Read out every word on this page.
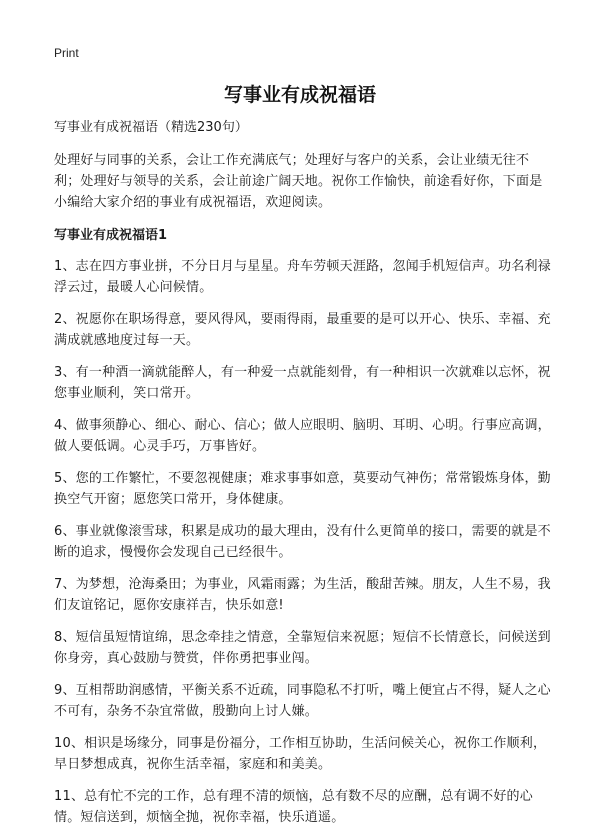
Print
写事业有成祝福语

写事业有成祝福语（精选230句）

处理好与同事的关系，会让工作充满底气；处理好与客户的关系，会让业绩无往不利；处理好与领导的关系，会让前途广阔天地。祝你工作愉快，前途看好你，下面是小编给大家介绍的事业有成祝福语，欢迎阅读。

写事业有成祝福语1

1、志在四方事业拼，不分日月与星星。舟车劳顿天涯路，忽闻手机短信声。功名利禄浮云过，最暖人心问候情。

2、祝愿你在职场得意，要风得风，要雨得雨，最重要的是可以开心、快乐、幸福、充满成就感地度过每一天。

3、有一种酒一滴就能醉人，有一种爱一点就能刻骨，有一种相识一次就难以忘怀，祝您事业顺利，笑口常开。

4、做事须静心、细心、耐心、信心；做人应眼明、脑明、耳明、心明。行事应高调，做人要低调。心灵手巧，万事皆好。

5、您的工作繁忙，不要忽视健康；难求事事如意，莫要动气神伤；常常锻炼身体，勤换空气开窗；愿您笑口常开，身体健康。

6、事业就像滚雪球，积累是成功的最大理由，没有什么更简单的接口，需要的就是不断的追求，慢慢你会发现自己已经很牛。

7、为梦想，沧海桑田；为事业，风霜雨露；为生活，酸甜苦辣。朋友，人生不易，我们友谊铭记，愿你安康祥吉，快乐如意!

8、短信虽短情谊绵，思念牵挂之情意，全靠短信来祝愿；短信不长情意长，问候送到你身旁，真心鼓励与赞赏，伴你勇把事业闯。

9、互相帮助润感情，平衡关系不近疏，同事隐私不打听，嘴上便宜占不得，疑人之心不可有，杂务不杂宜常做，殷勤向上讨人嫌。

10、相识是场缘分，同事是份福分，工作相互协助，生活问候关心，祝你工作顺利，早日梦想成真，祝你生活幸福，家庭和和美美。

11、总有忙不完的工作，总有理不清的烦恼，总有数不尽的应酬，总有调不好的心情。短信送到，烦恼全抛，祝你幸福，快乐逍遥。
